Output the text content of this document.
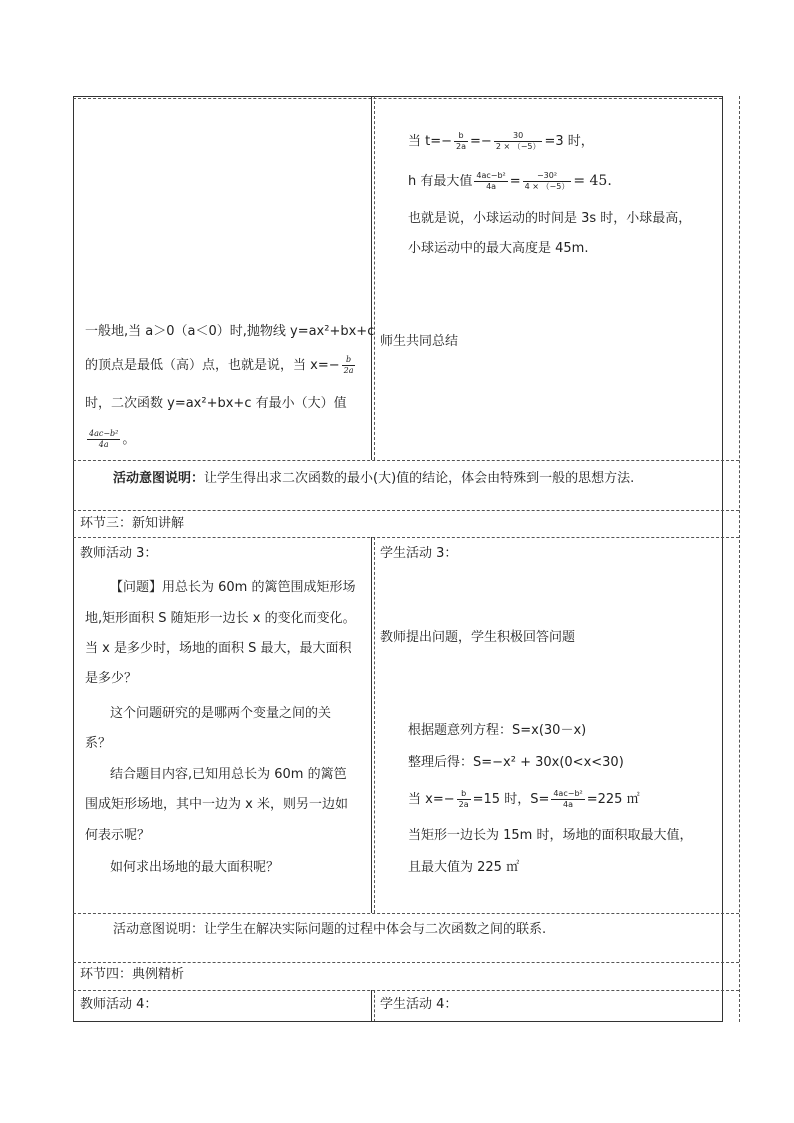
当 $t=- \frac{b}{2a} =- \frac{30}{2 \times (-5)} =3$ 时，
h 有最大值 $\frac{\text{4ac−b²}}{4a} = \frac{\text{−30²}}{4 \times (-5)} = 45$.
也就是说，小球运动的时间是 3s 时，小球最高，
小球运动中的最大高度是 45m.
师生共同总结
一般地,当 a＞0（a＜0）时,抛物线 y=ax²+bx+c
的顶点是最低（高）点，也就是说，当 $x=- \frac{b}{2a}$
时，二次函数 y=ax²+bx+c 有最小（大）值
$\frac{\text{4ac−b²}}{4a}$ 。
活动意图说明：让学生得出求二次函数的最小(大)值的结论，体会由特殊到一般的思想方法.
环节三：新知讲解
教师活动 3：	学生活动 3：
【问题】用总长为 60m 的篱笆围成矩形场
地,矩形面积 S 随矩形一边长 x 的变化而变化。
当 x 是多少时，场地的面积 S 最大，最大面积
是多少？
这个问题研究的是哪两个变量之间的关
系？
结合题目内容,已知用总长为 60m 的篱笆
围成矩形场地，其中一边为 x 米，则另一边如
何表示呢？
如何求出场地的最大面积呢？
教师提出问题，学生积极回答问题
根据题意列方程：S=x(30－x)
整理后得：S=−x² + 30x(0<x<30)
当 $x=- \frac{b}{2a} =15$ 时，$S= \frac{\text{4ac−b²}}{4a} =225$ ㎡
当矩形一边长为 15m 时，场地的面积取最大值，
且最大值为 225 ㎡
活动意图说明：让学生在解决实际问题的过程中体会与二次函数之间的联系.
环节四：典例精析
教师活动 4：	学生活动 4：
